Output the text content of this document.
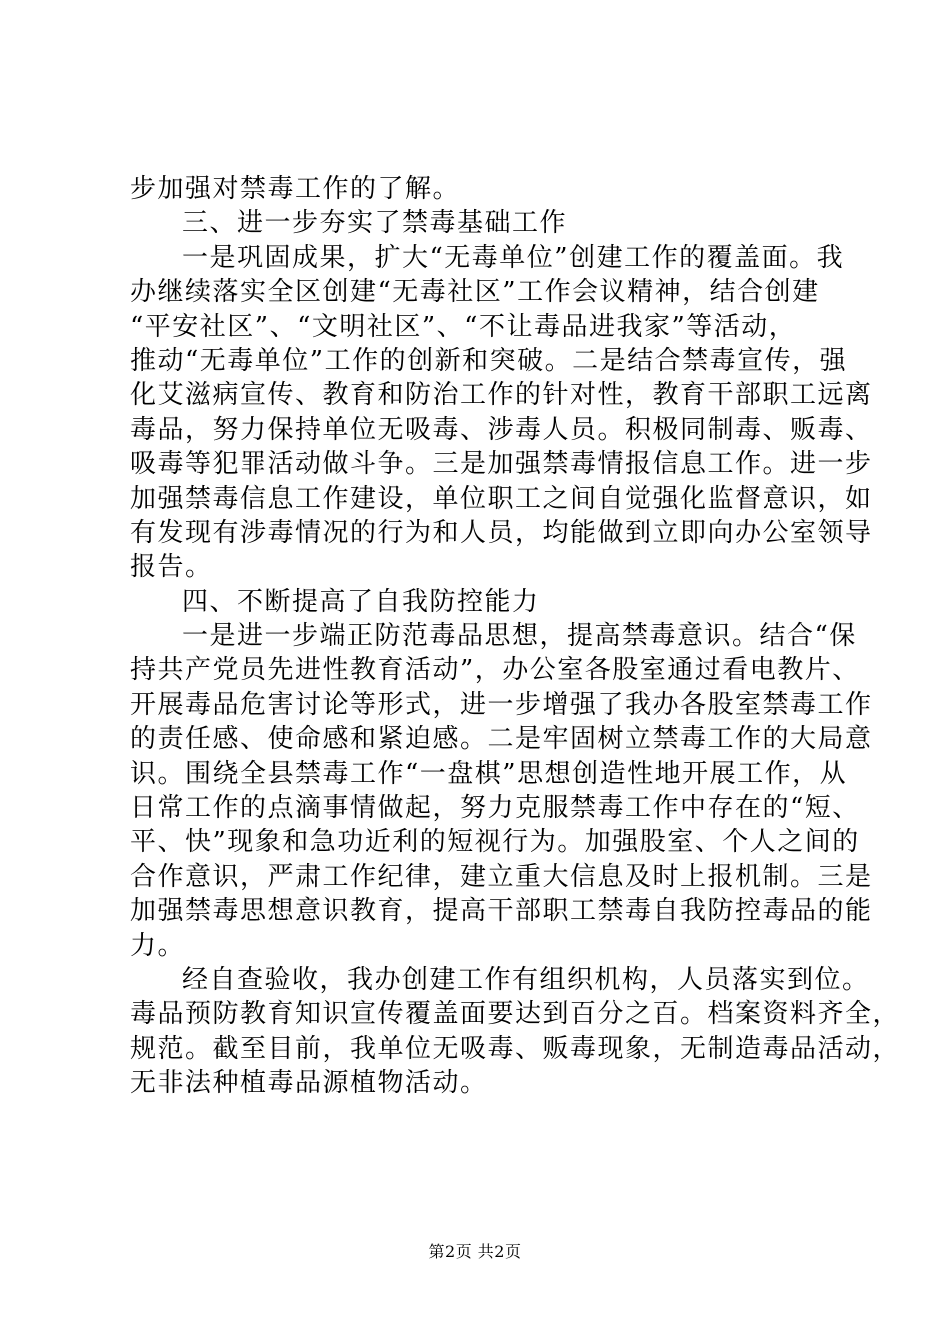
步加强对禁毒工作的了解。
三、进一步夯实了禁毒基础工作
一是巩固成果，扩大“无毒单位”创建工作的覆盖面。我
办继续落实全区创建“无毒社区”工作会议精神，结合创建
“平安社区”、“文明社区”、“不让毒品进我家”等活动，
推动“无毒单位”工作的创新和突破。二是结合禁毒宣传，强
化艾滋病宣传、教育和防治工作的针对性，教育干部职工远离
毒品，努力保持单位无吸毒、涉毒人员。积极同制毒、贩毒、
吸毒等犯罪活动做斗争。三是加强禁毒情报信息工作。进一步
加强禁毒信息工作建设，单位职工之间自觉强化监督意识，如
有发现有涉毒情况的行为和人员，均能做到立即向办公室领导
报告。
四、不断提高了自我防控能力
一是进一步端正防范毒品思想，提高禁毒意识。结合“保
持共产党员先进性教育活动”，办公室各股室通过看电教片、
开展毒品危害讨论等形式，进一步增强了我办各股室禁毒工作
的责任感、使命感和紧迫感。二是牢固树立禁毒工作的大局意
识。围绕全县禁毒工作“一盘棋”思想创造性地开展工作，从
日常工作的点滴事情做起，努力克服禁毒工作中存在的“短、
平、快”现象和急功近利的短视行为。加强股室、个人之间的
合作意识，严肃工作纪律，建立重大信息及时上报机制。三是
加强禁毒思想意识教育，提高干部职工禁毒自我防控毒品的能
力。
经自查验收，我办创建工作有组织机构，人员落实到位。
毒品预防教育知识宣传覆盖面要达到百分之百。档案资料齐全，
规范。截至目前，我单位无吸毒、贩毒现象，无制造毒品活动，
无非法种植毒品源植物活动。
第2页 共2页
